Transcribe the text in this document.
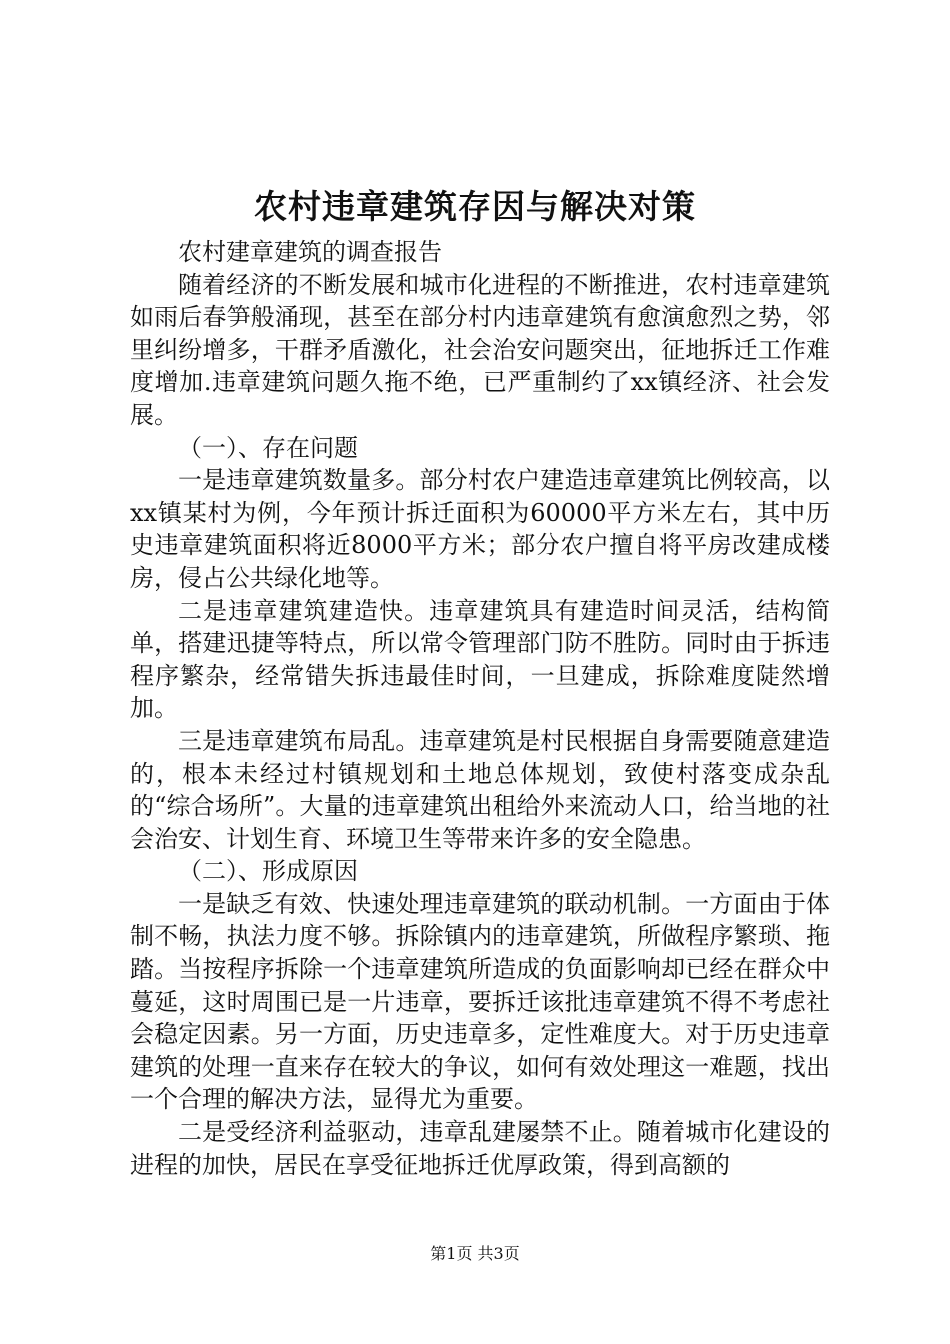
农村违章建筑存因与解决对策

农村建章建筑的调查报告

随着经济的不断发展和城市化进程的不断推进，农村违章建筑如雨后春笋般涌现，甚至在部分村内违章建筑有愈演愈烈之势，邻里纠纷增多，干群矛盾激化，社会治安问题突出，征地拆迁工作难度增加.违章建筑问题久拖不绝，已严重制约了xx镇经济、社会发展。

（一）、存在问题

一是违章建筑数量多。部分村农户建造违章建筑比例较高，以xx镇某村为例，今年预计拆迁面积为60000平方米左右，其中历史违章建筑面积将近8000平方米；部分农户擅自将平房改建成楼房，侵占公共绿化地等。

二是违章建筑建造快。违章建筑具有建造时间灵活，结构简单，搭建迅捷等特点，所以常令管理部门防不胜防。同时由于拆违程序繁杂，经常错失拆违最佳时间，一旦建成，拆除难度陡然增加。

三是违章建筑布局乱。违章建筑是村民根据自身需要随意建造的，根本未经过村镇规划和土地总体规划，致使村落变成杂乱的“综合场所”。大量的违章建筑出租给外来流动人口，给当地的社会治安、计划生育、环境卫生等带来许多的安全隐患。

（二）、形成原因

一是缺乏有效、快速处理违章建筑的联动机制。一方面由于体制不畅，执法力度不够。拆除镇内的违章建筑，所做程序繁琐、拖踏。当按程序拆除一个违章建筑所造成的负面影响却已经在群众中蔓延，这时周围已是一片违章，要拆迁该批违章建筑不得不考虑社会稳定因素。另一方面，历史违章多，定性难度大。对于历史违章建筑的处理一直来存在较大的争议，如何有效处理这一难题，找出一个合理的解决方法，显得尤为重要。

二是受经济利益驱动，违章乱建屡禁不止。随着城市化建设的进程的加快，居民在享受征地拆迁优厚政策，得到高额的

第1页 共3页
